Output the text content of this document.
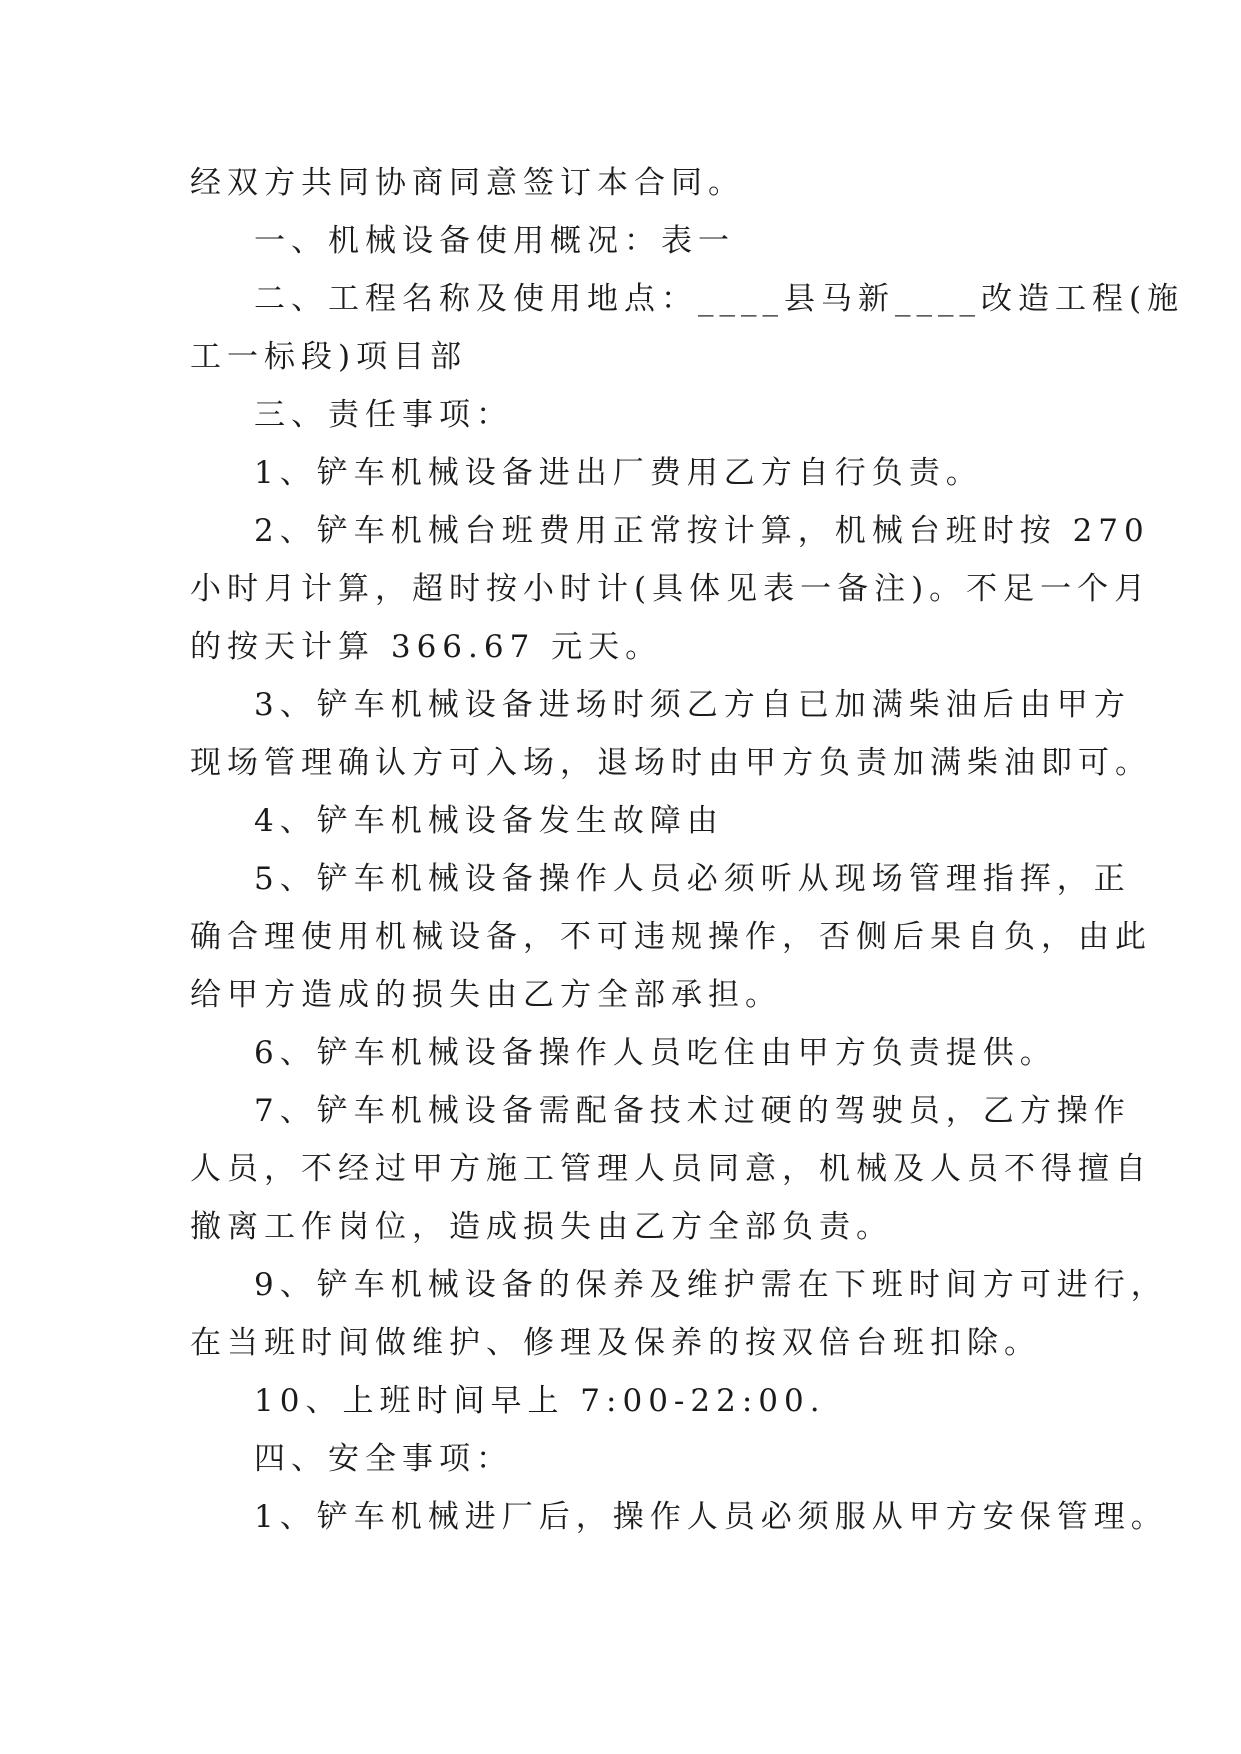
经双方共同协商同意签订本合同。
一、机械设备使用概况：表一
二、工程名称及使用地点：____县马新____改造工程(施
工一标段)项目部
三、责任事项：
1、铲车机械设备进出厂费用乙方自行负责。
2、铲车机械台班费用正常按计算，机械台班时按 270
小时月计算，超时按小时计(具体见表一备注)。不足一个月
的按天计算 366.67 元天。
3、铲车机械设备进场时须乙方自已加满柴油后由甲方
现场管理确认方可入场，退场时由甲方负责加满柴油即可。
4、铲车机械设备发生故障由
5、铲车机械设备操作人员必须听从现场管理指挥，正
确合理使用机械设备，不可违规操作，否侧后果自负，由此
给甲方造成的损失由乙方全部承担。
6、铲车机械设备操作人员吃住由甲方负责提供。
7、铲车机械设备需配备技术过硬的驾驶员，乙方操作
人员，不经过甲方施工管理人员同意，机械及人员不得擅自
撤离工作岗位，造成损失由乙方全部负责。
9、铲车机械设备的保养及维护需在下班时间方可进行，
在当班时间做维护、修理及保养的按双倍台班扣除。
10、上班时间早上 7:00-22:00.
四、安全事项：
1、铲车机械进厂后，操作人员必须服从甲方安保管理。
